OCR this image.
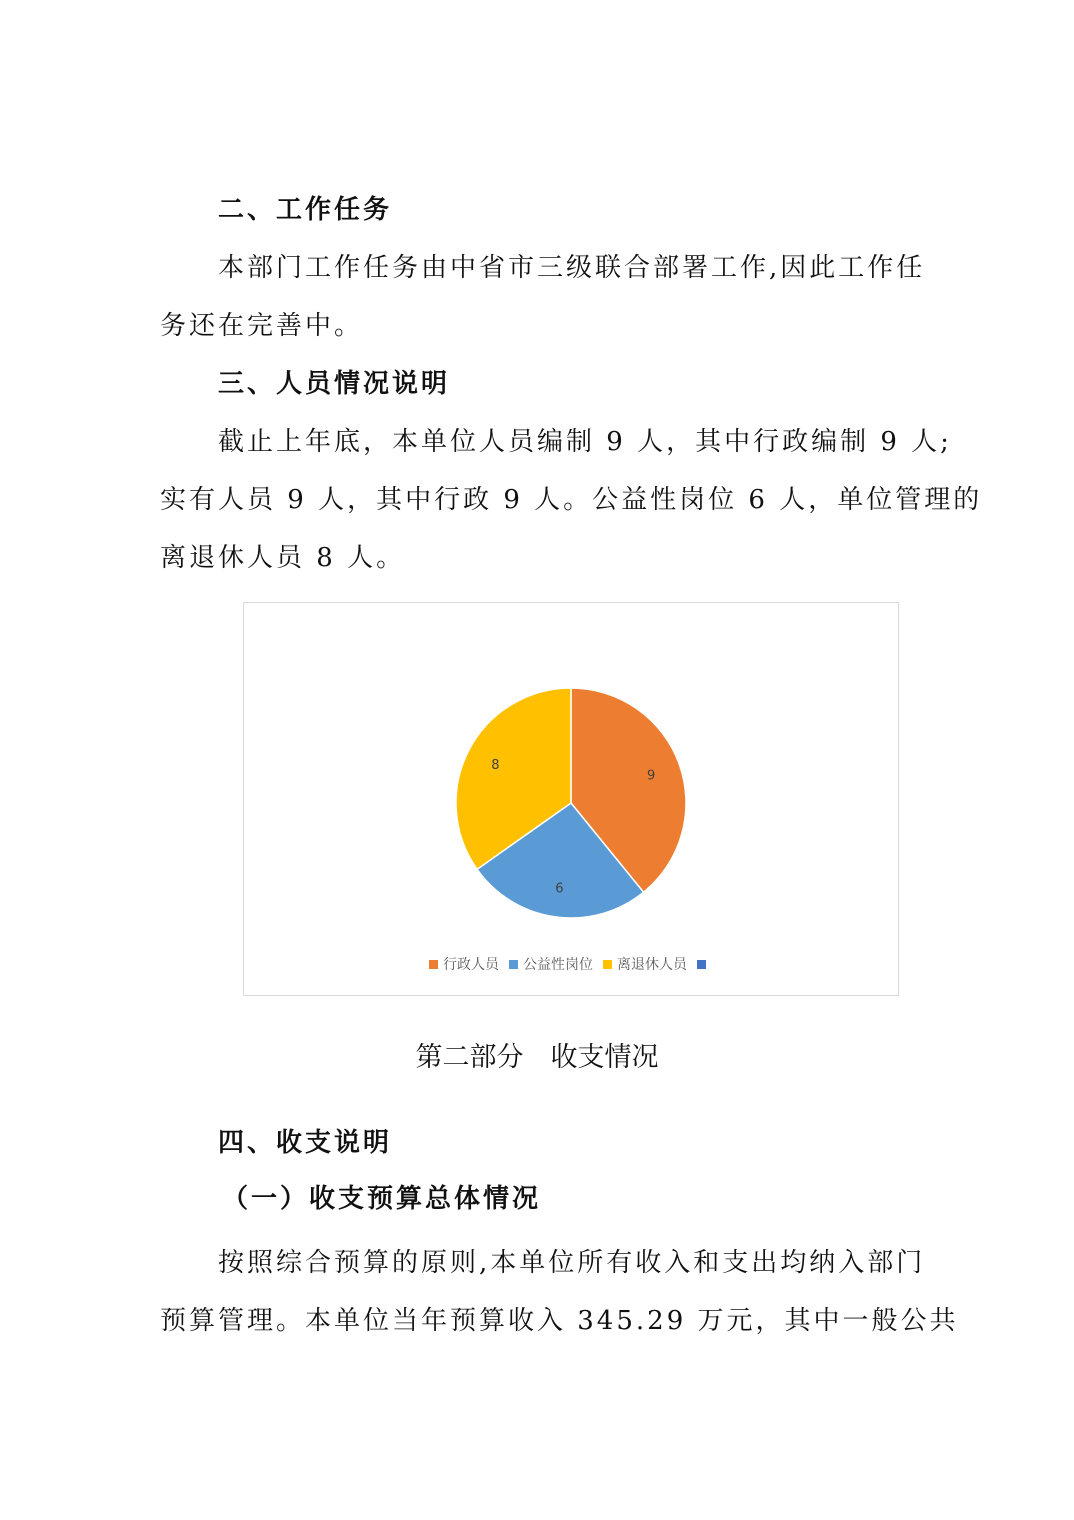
二、工作任务
本部门工作任务由中省市三级联合部署工作,因此工作任
务还在完善中。
三、人员情况说明
截止上年底，本单位人员编制 9 人，其中行政编制 9 人;
实有人员 9 人，其中行政 9 人。公益性岗位 6 人，单位管理的
离退休人员 8 人。
9
6
8
行政人员 公益性岗位 离退休人员
第二部分　收支情况
四、收支说明
（一）收支预算总体情况
按照综合预算的原则,本单位所有收入和支出均纳入部门
预算管理。本单位当年预算收入 345.29 万元，其中一般公共
